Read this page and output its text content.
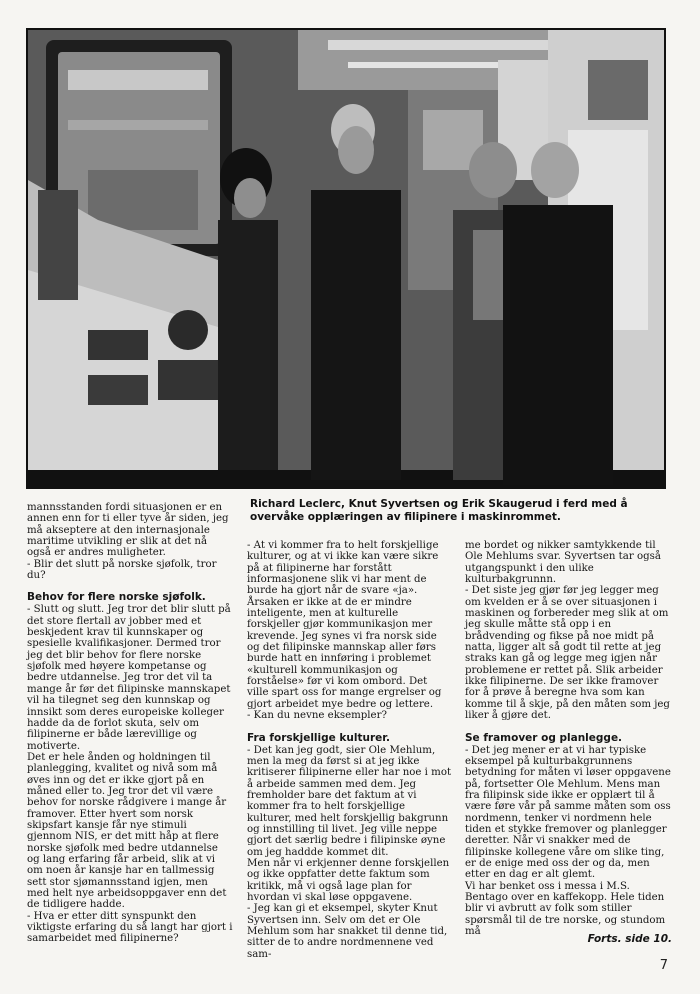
Richard Leclerc, Knut Syvertsen og Erik Skaugerud i ferd med å overvåke opplæringen av filipinere i maskinrommet.

mannsstanden fordi situasjonen er en annen enn for ti eller tyve år siden, jeg må akseptere at den internasjonale maritime utvikling er slik at det nå også er andres muligheter.

- Blir det slutt på norske sjøfolk, tror du?

Behov for flere norske sjøfolk.

- Slutt og slutt. Jeg tror det blir slutt på det store flertall av jobber med et beskjedent krav til kunnskaper og spesielle kvalifikasjoner. Dermed tror jeg det blir behov for flere norske sjøfolk med høyere kompetanse og bedre utdannelse. Jeg tror det vil ta mange år før det filipinske mannskapet vil ha tilegnet seg den kunnskap og innsikt som deres europeiske kolleger hadde da de forlot skuta, selv om filipinerne er både lærevillige og motiverte.

Det er hele ånden og holdningen til planlegging, kvalitet og nivå som må øves inn og det er ikke gjort på en måned eller to. Jeg tror det vil være behov for norske rådgivere i mange år framover. Etter hvert som norsk skipsfart kansje får nye stimuli gjennom NIS, er det mitt håp at flere norske sjøfolk med bedre utdannelse og lang erfaring får arbeid, slik at vi om noen år kansje har en tallmessig sett stor sjømannsstand igjen, men med helt nye arbeidsoppgaver enn det de tidligere hadde.

- Hva er etter ditt synspunkt den viktigste erfaring du så langt har gjort i samarbeidet med filipinerne?

- At vi kommer fra to helt forskjellige kulturer, og at vi ikke kan være sikre på at filipinerne har forstått informasjonene slik vi har ment de burde ha gjort når de svare «ja». Årsaken er ikke at de er mindre inteligente, men at kulturelle forskjeller gjør kommunikasjon mer krevende. Jeg synes vi fra norsk side og det filipinske mannskap aller førs burde hatt en innføring i problemet «kulturell kommunikasjon og forståelse» før vi kom ombord. Det ville spart oss for mange ergrelser og gjort arbeidet mye bedre og lettere.

- Kan du nevne eksempler?

Fra forskjellige kulturer.

- Det kan jeg godt, sier Ole Mehlum, men la meg da først si at jeg ikke kritiserer filipinerne eller har noe i mot å arbeide sammen med dem. Jeg fremholder bare det faktum at vi kommer fra to helt forskjellige kulturer, med helt forskjellig bakgrunn og innstilling til livet. Jeg ville neppe gjort det særlig bedre i filipinske øyne om jeg haddde kommet dit.

Men når vi erkjenner denne forskjellen og ikke oppfatter dette faktum som kritikk, må vi også lage plan for hvordan vi skal løse oppgavene.

- Jeg kan gi et eksempel, skyter Knut Syvertsen inn. Selv om det er Ole Mehlum som har snakket til denne tid, sitter de to andre nordmennene ved sam-

me bordet og nikker samtykkende til Ole Mehlums svar. Syvertsen tar også utgangspunkt i den ulike kulturbakgrunnn.

- Det siste jeg gjør før jeg legger meg om kvelden er å se over situasjonen i maskinen og forbereder meg slik at om jeg skulle måtte stå opp i en brådvending og fikse på noe midt på natta, ligger alt så godt til rette at jeg straks kan gå og legge meg igjen når problemene er rettet på. Slik arbeider ikke filipinerne. De ser ikke framover for å prøve å beregne hva som kan komme til å skje, på den måten som jeg liker å gjøre det.

Se framover og planlegge.

- Det jeg mener er at vi har typiske eksempel på kulturbakgrunnens betydning for måten vi løser oppgavene på, fortsetter Ole Mehlum. Mens man fra filipinsk side ikke er opplært til å være føre vår på samme måten som oss nordmenn, tenker vi nordmenn hele tiden et stykke fremover og planlegger deretter. Når vi snakker med de filipinske kollegene våre om slike ting, er de enige med oss der og da, men etter en dag er alt glemt.

Vi har benket oss i messa i M.S. Bentago over en kaffekopp. Hele tiden blir vi avbrutt av folk som stiller spørsmål til de tre norske, og stundom må

Forts. side 10.
7
